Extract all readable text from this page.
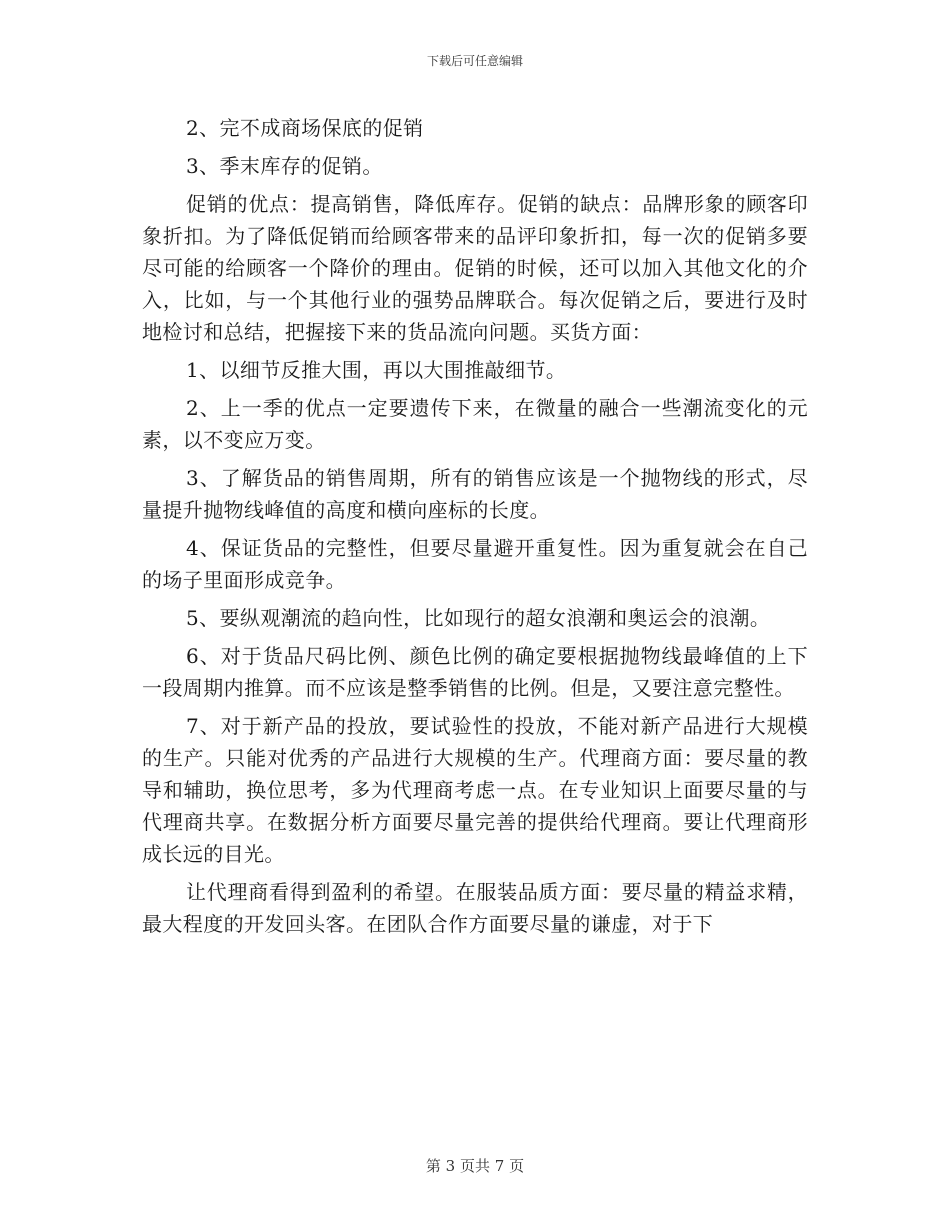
下载后可任意编辑

2、完不成商场保底的促销

3、季末库存的促销。

促销的优点：提高销售，降低库存。促销的缺点：品牌形象的顾客印象折扣。为了降低促销而给顾客带来的品评印象折扣，每一次的促销多要尽可能的给顾客一个降价的理由。促销的时候，还可以加入其他文化的介入，比如，与一个其他行业的强势品牌联合。每次促销之后，要进行及时地检讨和总结，把握接下来的货品流向问题。买货方面：

1、以细节反推大围，再以大围推敲细节。

2、上一季的优点一定要遗传下来，在微量的融合一些潮流变化的元素，以不变应万变。

3、了解货品的销售周期，所有的销售应该是一个抛物线的形式，尽量提升抛物线峰值的高度和横向座标的长度。

4、保证货品的完整性，但要尽量避开重复性。因为重复就会在自己的场子里面形成竞争。

5、要纵观潮流的趋向性，比如现行的超女浪潮和奥运会的浪潮。

6、对于货品尺码比例、颜色比例的确定要根据抛物线最峰值的上下一段周期内推算。而不应该是整季销售的比例。但是，又要注意完整性。

7、对于新产品的投放，要试验性的投放，不能对新产品进行大规模的生产。只能对优秀的产品进行大规模的生产。代理商方面：要尽量的教导和辅助，换位思考，多为代理商考虑一点。在专业知识上面要尽量的与代理商共享。在数据分析方面要尽量完善的提供给代理商。要让代理商形成长远的目光。

让代理商看得到盈利的希望。在服装品质方面：要尽量的精益求精，最大程度的开发回头客。在团队合作方面要尽量的谦虚，对于下

第 3 页共 7 页
